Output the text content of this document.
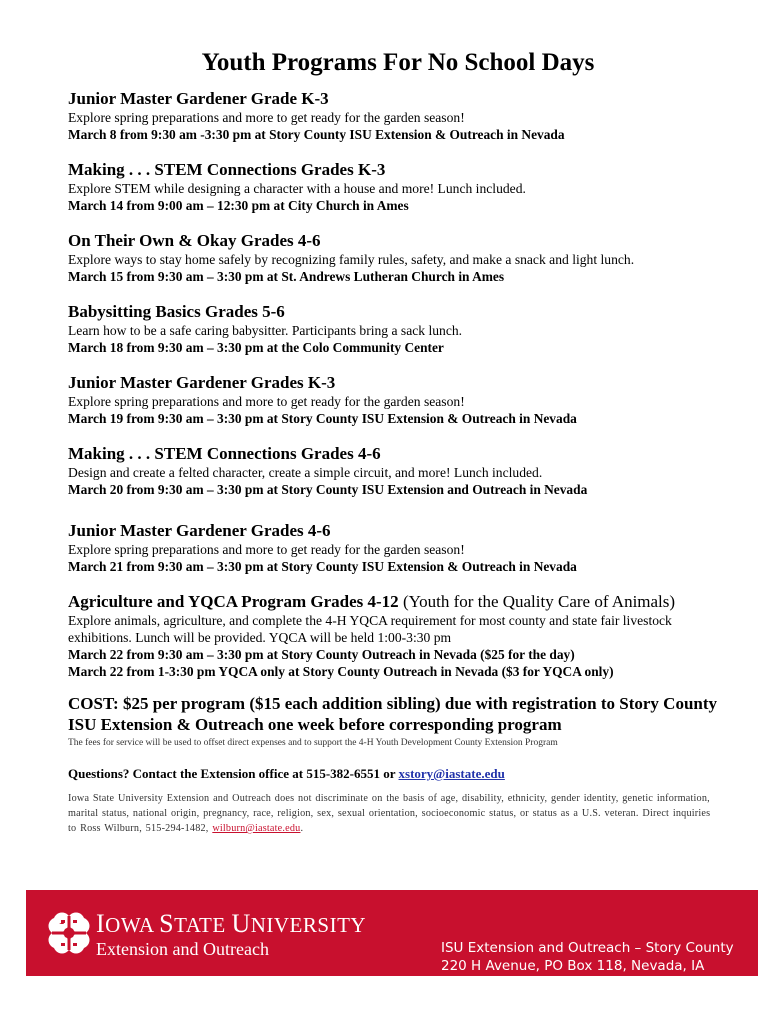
Youth Programs For No School Days
Junior Master Gardener Grade K-3
Explore spring preparations and more to get ready for the garden season!
March 8 from 9:30 am -3:30 pm at Story County ISU Extension & Outreach in Nevada
Making . . . STEM Connections Grades K-3
Explore STEM while designing a character with a house and more! Lunch included.
March 14 from 9:00 am – 12:30 pm at City Church in Ames
On Their Own & Okay Grades 4-6
Explore ways to stay home safely by recognizing family rules, safety, and make a snack and light lunch.
March 15 from 9:30 am – 3:30 pm at St. Andrews Lutheran Church in Ames
Babysitting Basics Grades 5-6
Learn how to be a safe caring babysitter. Participants bring a sack lunch.
March 18 from 9:30 am – 3:30 pm at the Colo Community Center
Junior Master Gardener Grades K-3
Explore spring preparations and more to get ready for the garden season!
March 19 from 9:30 am – 3:30 pm at Story County ISU Extension & Outreach in Nevada
Making . . . STEM Connections Grades 4-6
Design and create a felted character, create a simple circuit, and more! Lunch included.
March 20 from 9:30 am – 3:30 pm at Story County ISU Extension and Outreach in Nevada
Junior Master Gardener Grades 4-6
Explore spring preparations and more to get ready for the garden season!
March 21 from 9:30 am – 3:30 pm at Story County ISU Extension & Outreach in Nevada
Agriculture and YQCA Program Grades 4-12 (Youth for the Quality Care of Animals)
Explore animals, agriculture, and complete the 4-H YQCA requirement for most county and state fair livestock exhibitions. Lunch will be provided. YQCA will be held 1:00-3:30 pm
March 22 from 9:30 am – 3:30 pm at Story County Outreach in Nevada ($25 for the day)
March 22 from 1-3:30 pm YQCA only at Story County Outreach in Nevada ($3 for YQCA only)

COST: $25 per program ($15 each addition sibling) due with registration to Story County ISU Extension & Outreach one week before corresponding program

The fees for service will be used to offset direct expenses and to support the 4-H Youth Development County Extension Program

Questions? Contact the Extension office at 515-382-6551 or xstory@iastate.edu

Iowa State University Extension and Outreach does not discriminate on the basis of age, disability, ethnicity, gender identity, genetic information, marital status, national origin, pregnancy, race, religion, sex, sexual orientation, socioeconomic status, or status as a U.S. veteran. Direct inquiries to Ross Wilburn, 515-294-1482, wilburn@iastate.edu.

IOWA STATE UNIVERSITY
Extension and Outreach	ISU Extension and Outreach – Story County
220 H Avenue, PO Box 118, Nevada, IA
